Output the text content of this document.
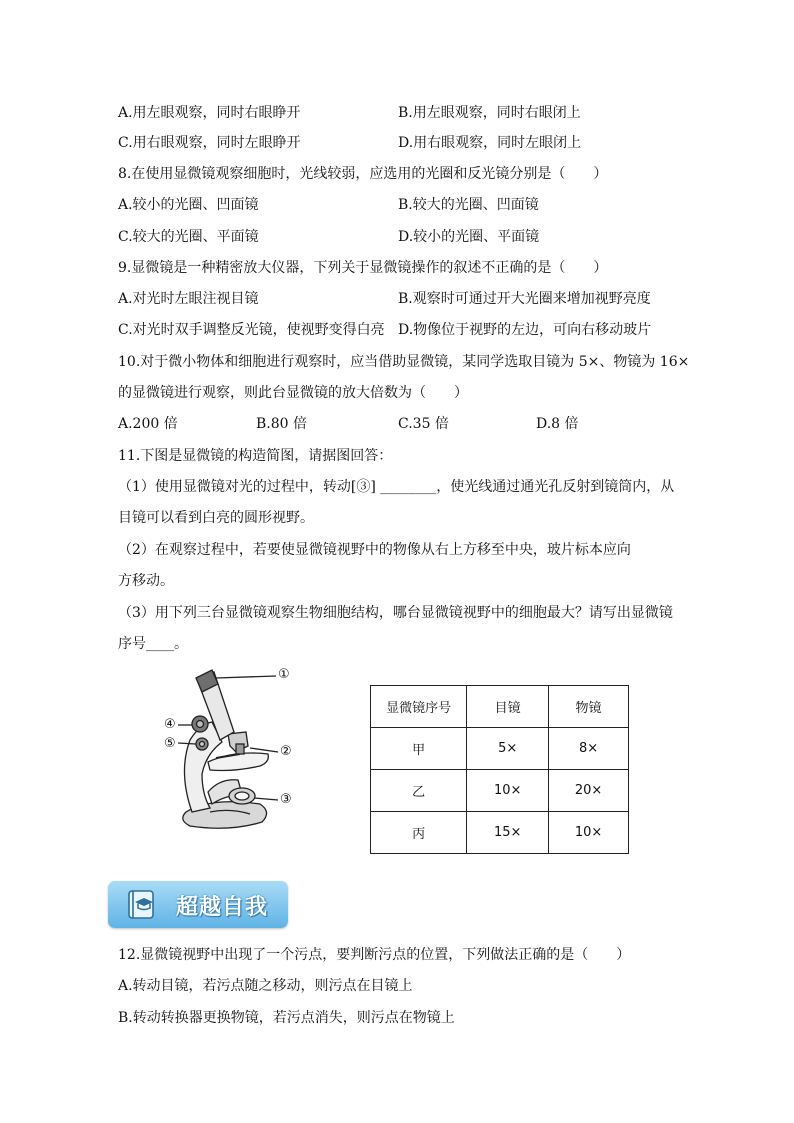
A.用左眼观察，同时右眼睁开	B.用左眼观察，同时右眼闭上
C.用右眼观察，同时左眼睁开	D.用右眼观察，同时左眼闭上
8.在使用显微镜观察细胞时，光线较弱，应选用的光圈和反光镜分别是（　　）
A.较小的光圈、凹面镜	B.较大的光圈、凹面镜
C.较大的光圈、平面镜	D.较小的光圈、平面镜
9.显微镜是一种精密放大仪器，下列关于显微镜操作的叙述不正确的是（　　）
A.对光时左眼注视目镜	B.观察时可通过开大光圈来增加视野亮度
C.对光时双手调整反光镜，使视野变得白亮 D.物像位于视野的左边，可向右移动玻片
10.对于微小物体和细胞进行观察时，应当借助显微镜，某同学选取目镜为 5×、物镜为 16×
的显微镜进行观察，则此台显微镜的放大倍数为（　　）
A.200 倍	B.80 倍	C.35 倍	D.8 倍
11.下图是显微镜的构造简图，请据图回答：
（1）使用显微镜对光的过程中，转动[③] ________，使光线通过通光孔反射到镜筒内，从
目镜可以看到白亮的圆形视野。
（2）在观察过程中，若要使显微镜视野中的物像从右上方移至中央，玻片标本应向
方移动。
（3）用下列三台显微镜观察生物细胞结构，哪台显微镜视野中的细胞最大？请写出显微镜
序号____。
①
②
③
④
⑤
显微镜序号	目镜	物镜
甲	5×	8×
乙	10×	20×
丙	15×	10×
超越自我
12.显微镜视野中出现了一个污点，要判断污点的位置，下列做法正确的是（　　）
A.转动目镜，若污点随之移动，则污点在目镜上
B.转动转换器更换物镜，若污点消失，则污点在物镜上
